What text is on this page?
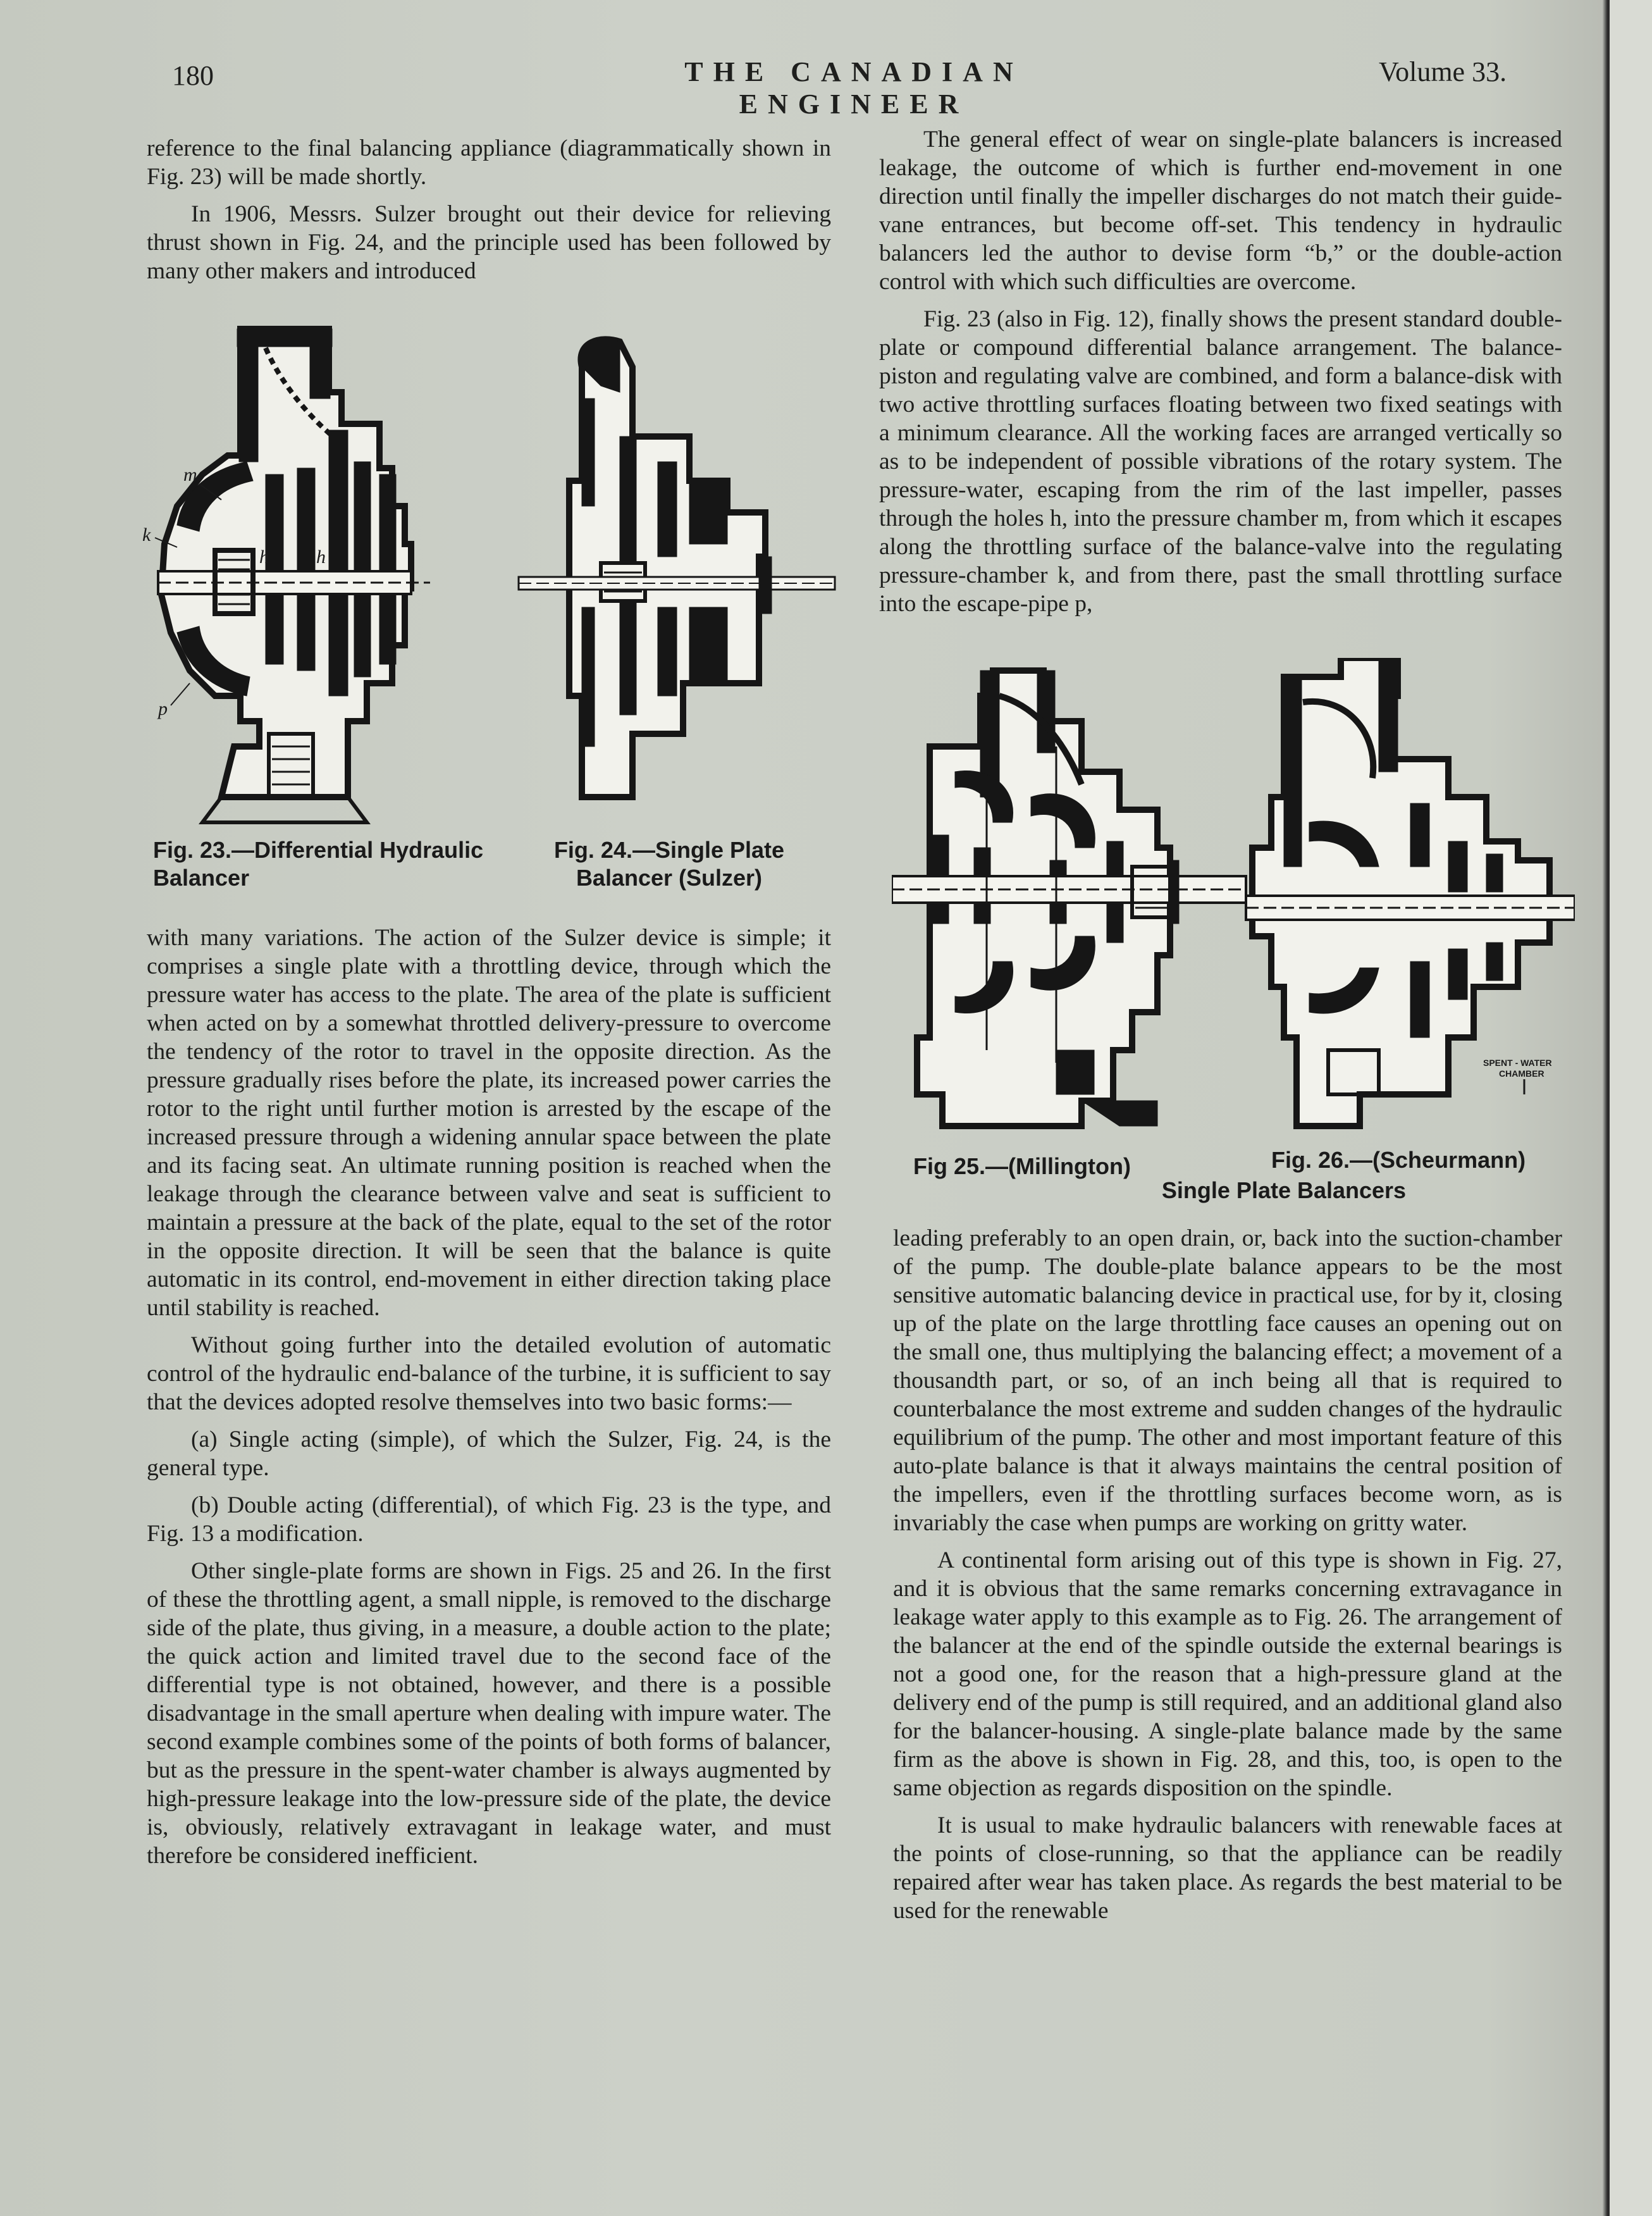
180	THE CANADIAN ENGINEER
Volume 33.

reference to the final balancing appliance (diagrammatically shown in Fig. 23) will be made shortly.

In 1906, Messrs. Sulzer brought out their device for relieving thrust shown in Fig. 24, and the principle used has been followed by many other makers and introduced

m
k
h	h
p
Fig. 23.—Differential Hydraulic Balancer
Fig. 24.—Single Plate Balancer (Sulzer)

with many variations. The action of the Sulzer device is simple; it comprises a single plate with a throttling device, through which the pressure water has access to the plate. The area of the plate is sufficient when acted on by a somewhat throttled delivery-pressure to overcome the tendency of the rotor to travel in the opposite direction. As the pressure gradually rises before the plate, its increased power carries the rotor to the right until further motion is arrested by the escape of the increased pressure through a widening annular space between the plate and its facing seat. An ultimate running position is reached when the leakage through the clearance between valve and seat is sufficient to maintain a pressure at the back of the plate, equal to the set of the rotor in the opposite direction. It will be seen that the balance is quite automatic in its control, end-movement in either direction taking place until stability is reached.

Without going further into the detailed evolution of automatic control of the hydraulic end-balance of the turbine, it is sufficient to say that the devices adopted resolve themselves into two basic forms:—

(a) Single acting (simple), of which the Sulzer, Fig. 24, is the general type.

(b) Double acting (differential), of which Fig. 23 is the type, and Fig. 13 a modification.

Other single-plate forms are shown in Figs. 25 and 26. In the first of these the throttling agent, a small nipple, is removed to the discharge side of the plate, thus giving, in a measure, a double action to the plate; the quick action and limited travel due to the second face of the differential type is not obtained, however, and there is a possible disadvantage in the small aperture when dealing with impure water. The second example combines some of the points of both forms of balancer, but as the pressure in the spent-water chamber is always augmented by high-pressure leakage into the low-pressure side of the plate, the device is, obviously, relatively extravagant in leakage water, and must therefore be considered inefficient.

The general effect of wear on single-plate balancers is increased leakage, the outcome of which is further end-movement in one direction until finally the impeller discharges do not match their guide-vane entrances, but become off-set. This tendency in hydraulic balancers led the author to devise form “b,” or the double-action control with which such difficulties are overcome.

Fig. 23 (also in Fig. 12), finally shows the present standard double-plate or compound differential balance arrangement. The balance-piston and regulating valve are combined, and form a balance-disk with two active throttling surfaces floating between two fixed seatings with a minimum clearance. All the working faces are arranged vertically so as to be independent of possible vibrations of the rotary system. The pressure-water, escaping from the rim of the last impeller, passes through the holes h, into the pressure chamber m, from which it escapes along the throttling surface of the balance-valve into the regulating pressure-chamber k, and from there, past the small throttling surface into the escape-pipe p,

SPENT - WATER
CHAMBER
Fig 25.—(Millington)	Fig. 26.—(Scheurmann)
Single Plate Balancers

leading preferably to an open drain, or, back into the suction-chamber of the pump. The double-plate balance appears to be the most sensitive automatic balancing device in practical use, for by it, closing up of the plate on the large throttling face causes an opening out on the small one, thus multiplying the balancing effect; a movement of a thousandth part, or so, of an inch being all that is required to counterbalance the most extreme and sudden changes of the hydraulic equilibrium of the pump. The other and most important feature of this auto-plate balance is that it always maintains the central position of the impellers, even if the throttling surfaces become worn, as is invariably the case when pumps are working on gritty water.

A continental form arising out of this type is shown in Fig. 27, and it is obvious that the same remarks concerning extravagance in leakage water apply to this example as to Fig. 26. The arrangement of the balancer at the end of the spindle outside the external bearings is not a good one, for the reason that a high-pressure gland at the delivery end of the pump is still required, and an additional gland also for the balancer-housing. A single-plate balance made by the same firm as the above is shown in Fig. 28, and this, too, is open to the same objection as regards disposition on the spindle.

It is usual to make hydraulic balancers with renewable faces at the points of close-running, so that the appliance can be readily repaired after wear has taken place. As regards the best material to be used for the renewable
